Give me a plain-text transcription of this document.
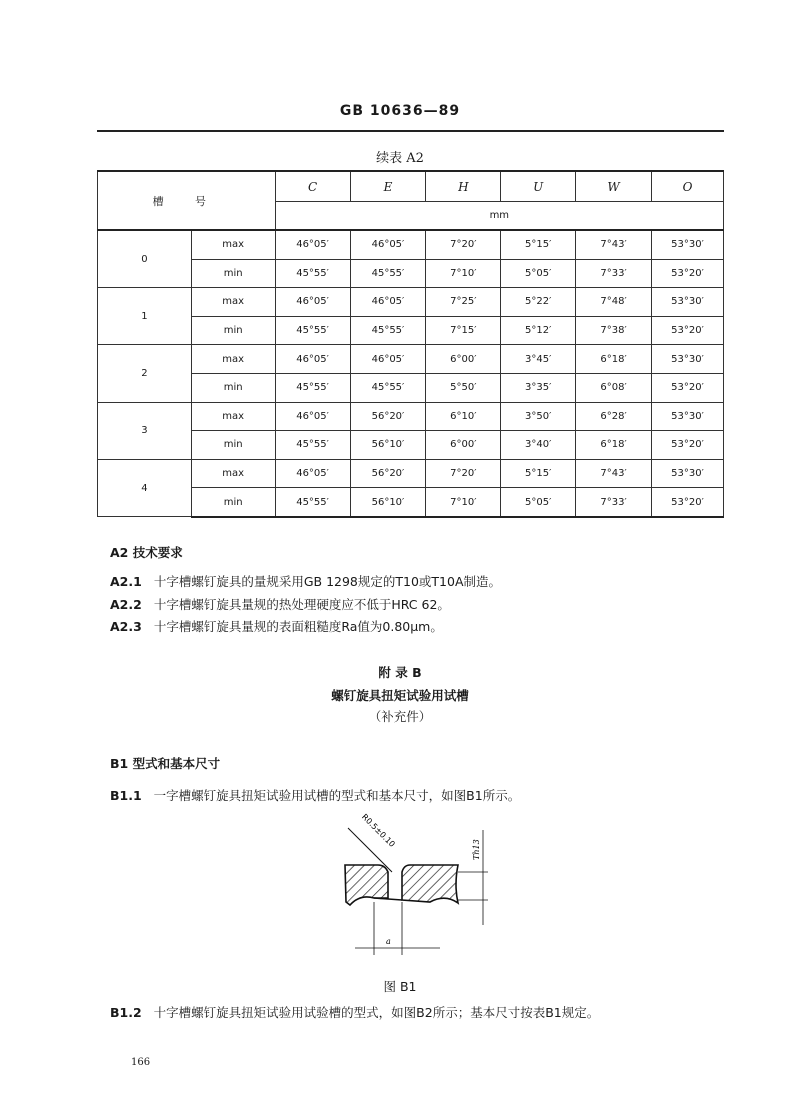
GB 10636—89
续表 A2
槽 号		C	E	H	U	W	O
		mm					
0	max	46°05′	46°05′	7°20′	5°15′	7°43′	53°30′
	min	45°55′	45°55′	7°10′	5°05′	7°33′	53°20′
1	max	46°05′	46°05′	7°25′	5°22′	7°48′	53°30′
	min	45°55′	45°55′	7°15′	5°12′	7°38′	53°20′
2	max	46°05′	46°05′	6°00′	3°45′	6°18′	53°30′
	min	45°55′	45°55′	5°50′	3°35′	6°08′	53°20′
3	max	46°05′	56°20′	6°10′	3°50′	6°28′	53°30′
	min	45°55′	56°10′	6°00′	3°40′	6°18′	53°20′
4	max	46°05′	56°20′	7°20′	5°15′	7°43′	53°30′
	min	45°55′	56°10′	7°10′	5°05′	7°33′	53°20′
A2 技术要求
A2.1 十字槽螺钉旋具的量规采用GB 1298规定的T10或T10A制造。
A2.2 十字槽螺钉旋具量规的热处理硬度应不低于HRC 62。
A2.3 十字槽螺钉旋具量规的表面粗糙度Ra值为0.80μm。
附 录 B
螺钉旋具扭矩试验用试槽
（补充件）
B1 型式和基本尺寸
B1.1 一字槽螺钉旋具扭矩试验用试槽的型式和基本尺寸，如图B1所示。
R0.5±0.10
Th13
a
图 B1
B1.2 十字槽螺钉旋具扭矩试验用试验槽的型式，如图B2所示；基本尺寸按表B1规定。
166
